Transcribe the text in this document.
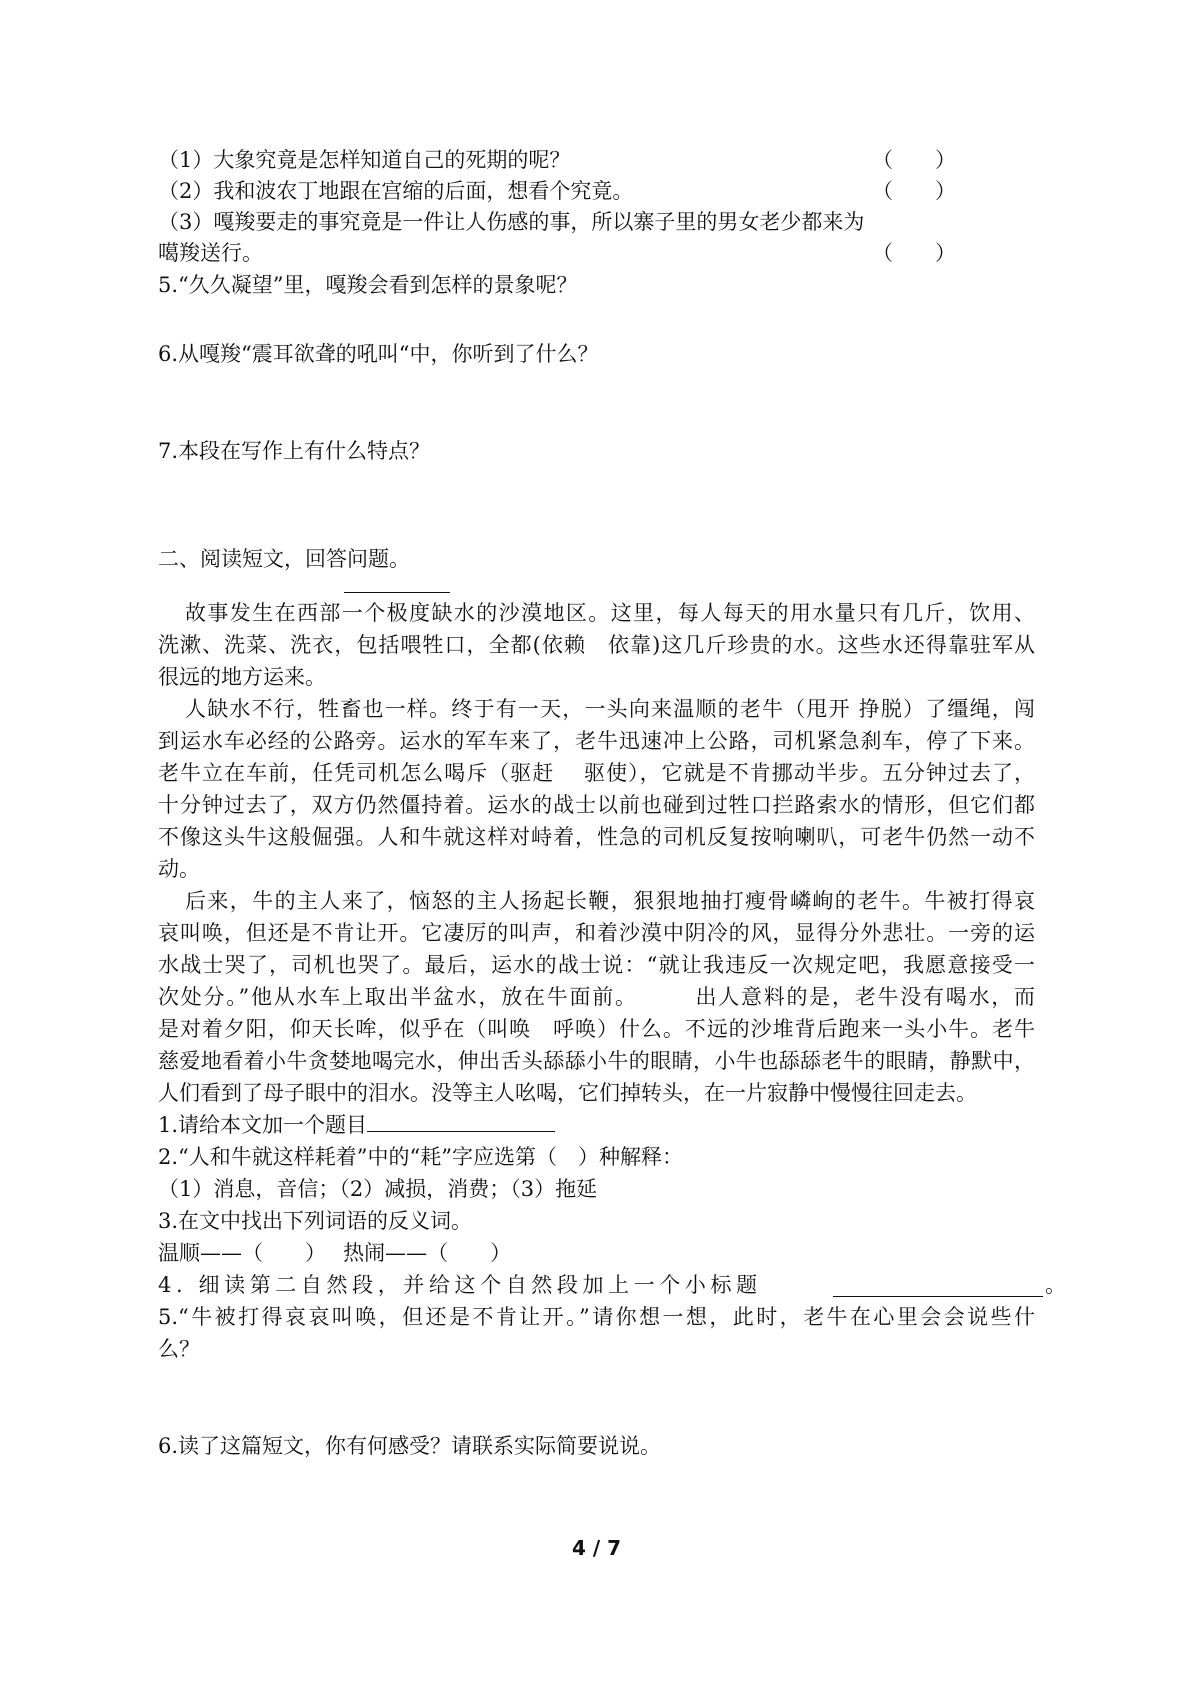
（1）大象究竟是怎样知道自己的死期的呢？	（　　）
（2）我和波农丁地跟在宫缩的后面，想看个究竟。	（　　）
（3）嘎羧要走的事究竟是一件让人伤感的事，所以寨子里的男女老少都来为
噶羧送行。	（　　）
5.“久久凝望”里，嘎羧会看到怎样的景象呢？
6.从嘎羧“震耳欲聋的吼叫“中，你听到了什么？
7.本段在写作上有什么特点？
二、阅读短文，回答问题。
故事发生在西部一个极度缺水的沙漠地区。这里，每人每天的用水量只有几斤，饮用、
洗漱、洗菜、洗衣，包括喂牲口，全都(依赖　依靠)这几斤珍贵的水。这些水还得靠驻军从
很远的地方运来。
人缺水不行，牲畜也一样。终于有一天，一头向来温顺的老牛（甩开 挣脱）了缰绳，闯
到运水车必经的公路旁。运水的军车来了，老牛迅速冲上公路，司机紧急刹车，停了下来。
老牛立在车前，任凭司机怎么喝斥（驱赶　 驱使），它就是不肯挪动半步。五分钟过去了，
十分钟过去了，双方仍然僵持着。运水的战士以前也碰到过牲口拦路索水的情形，但它们都
不像这头牛这般倔强。人和牛就这样对峙着，性急的司机反复按响喇叭，可老牛仍然一动不
动。
后来，牛的主人来了，恼怒的主人扬起长鞭，狠狠地抽打瘦骨嶙峋的老牛。牛被打得哀
哀叫唤，但还是不肯让开。它凄厉的叫声，和着沙漠中阴冷的风，显得分外悲壮。一旁的运
水战士哭了，司机也哭了。最后，运水的战士说：“就让我违反一次规定吧，我愿意接受一
次处分。”他从水车上取出半盆水，放在牛面前。　　　出人意料的是，老牛没有喝水，而
是对着夕阳，仰天长哞，似乎在（叫唤　呼唤）什么。不远的沙堆背后跑来一头小牛。老牛
慈爱地看着小牛贪婪地喝完水，伸出舌头舔舔小牛的眼睛，小牛也舔舔老牛的眼睛，静默中，
人们看到了母子眼中的泪水。没等主人吆喝，它们掉转头，在一片寂静中慢慢往回走去。
1.请给本文加一个题目
2.“人和牛就这样耗着”中的“耗”字应选第（　）种解释：
（1）消息，音信；（2）减损，消费；（3）拖延
3.在文中找出下列词语的反义词。
温顺——（　　）　 热闹——（　　）
4. 细读第二自然段，并给这个自然段加上一个小标题	。
5.“牛被打得哀哀叫唤，但还是不肯让开。”请你想一想，此时，老牛在心里会会说些什
么？
6.读了这篇短文，你有何感受？请联系实际简要说说。
4 / 7
